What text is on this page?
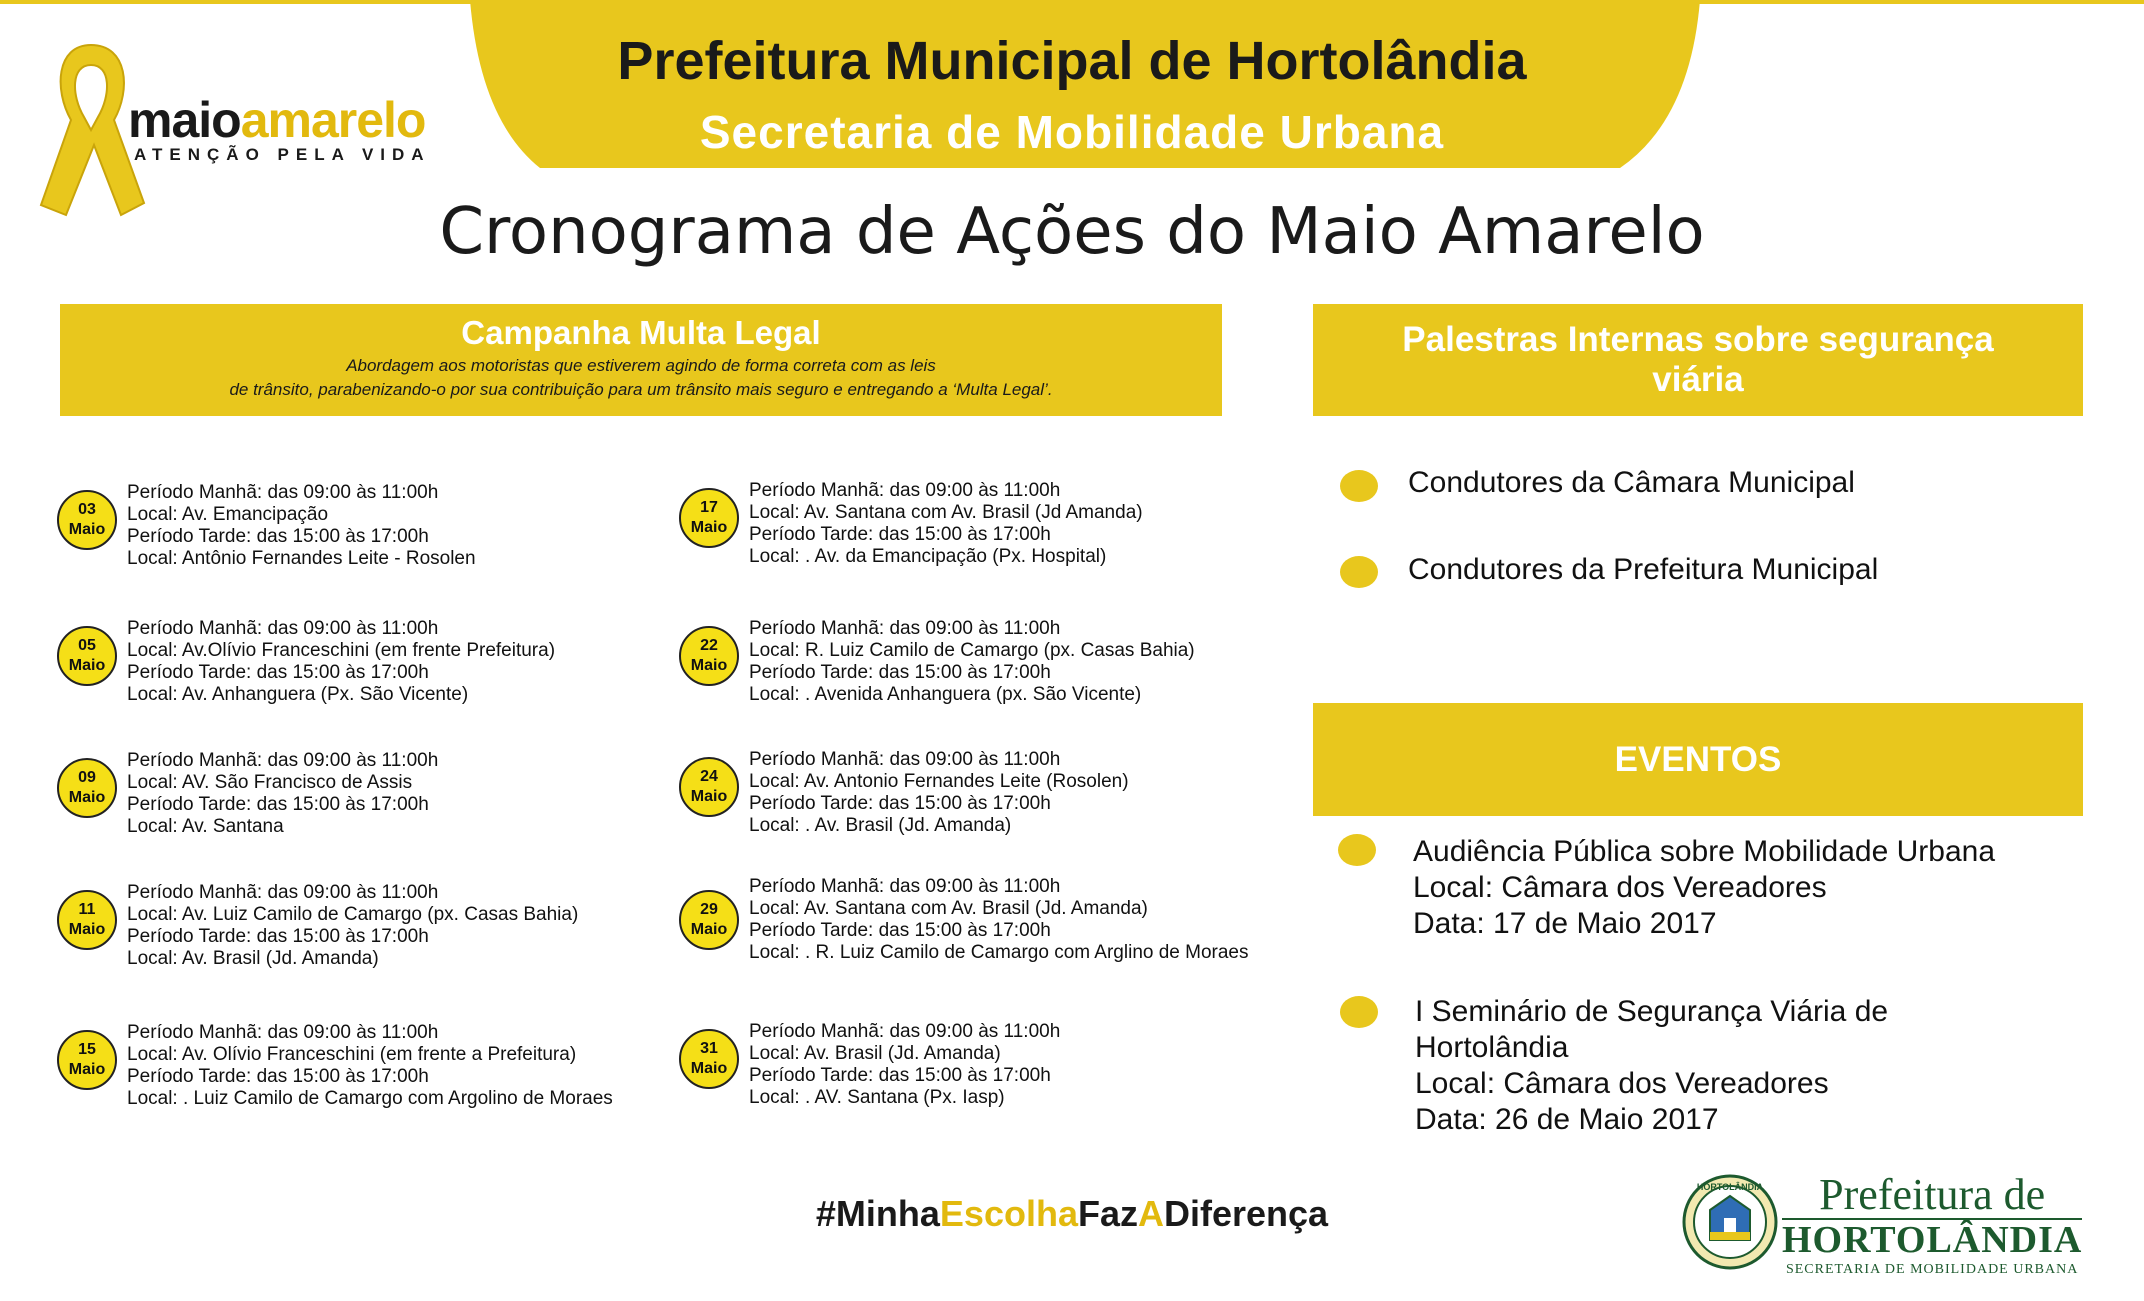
Prefeitura Municipal de Hortolândia
Secretaria de Mobilidade Urbana
maioamarelo
ATENÇÃO PELA VIDA
Cronograma de Ações do Maio Amarelo
Campanha Multa Legal
Abordagem aos motoristas que estiverem agindo de forma correta com as leis
de trânsito, parabenizando-o por sua contribuição para um trânsito mais seguro e entregando a ‘Multa Legal’.
03
Maio
Período Manhã: das 09:00 às 11:00h
Local: Av. Emancipação
Período Tarde: das 15:00 às 17:00h
Local: Antônio Fernandes Leite - Rosolen
05
Maio
Período Manhã: das 09:00 às 11:00h
Local: Av.Olívio Franceschini (em frente Prefeitura)
Período Tarde: das 15:00 às 17:00h
Local: Av. Anhanguera (Px. São Vicente)
09
Maio
Período Manhã: das 09:00 às 11:00h
Local: AV. São Francisco de Assis
Período Tarde: das 15:00 às 17:00h
Local: Av. Santana
11
Maio
Período Manhã: das 09:00 às 11:00h
Local: Av. Luiz Camilo de Camargo (px. Casas Bahia)
Período Tarde: das 15:00 às 17:00h
Local: Av. Brasil (Jd. Amanda)
15
Maio
Período Manhã: das 09:00 às 11:00h
Local: Av. Olívio Franceschini (em frente a Prefeitura)
Período Tarde: das 15:00 às 17:00h
Local: . Luiz Camilo de Camargo com Argolino de Moraes
17
Maio
Período Manhã: das 09:00 às 11:00h
Local: Av. Santana com Av. Brasil (Jd Amanda)
Período Tarde: das 15:00 às 17:00h
Local: . Av. da Emancipação (Px. Hospital)
22
Maio
Período Manhã: das 09:00 às 11:00h
Local: R. Luiz Camilo de Camargo (px. Casas Bahia)
Período Tarde: das 15:00 às 17:00h
Local: . Avenida Anhanguera (px. São Vicente)
24
Maio
Período Manhã: das 09:00 às 11:00h
Local: Av. Antonio Fernandes Leite (Rosolen)
Período Tarde: das 15:00 às 17:00h
Local: . Av. Brasil (Jd. Amanda)
29
Maio
Período Manhã: das 09:00 às 11:00h
Local: Av. Santana com Av. Brasil (Jd. Amanda)
Período Tarde: das 15:00 às 17:00h
Local: . R. Luiz Camilo de Camargo com Arglino de Moraes
31
Maio
Período Manhã: das 09:00 às 11:00h
Local: Av. Brasil (Jd. Amanda)
Período Tarde: das 15:00 às 17:00h
Local: . AV. Santana (Px. Iasp)
Palestras Internas sobre segurança
viária
Condutores da Câmara Municipal
Condutores da Prefeitura Municipal
EVENTOS
Audiência Pública sobre Mobilidade Urbana
Local: Câmara dos Vereadores
Data: 17 de Maio 2017
I Seminário de Segurança Viária de
Hortolândia
Local: Câmara dos Vereadores
Data: 26 de Maio 2017
#MinhaEscolhaFazADiferença
HORTOLÂNDIA	Prefeitura de
HORTOLÂNDIA
SECRETARIA DE MOBILIDADE URBANA
